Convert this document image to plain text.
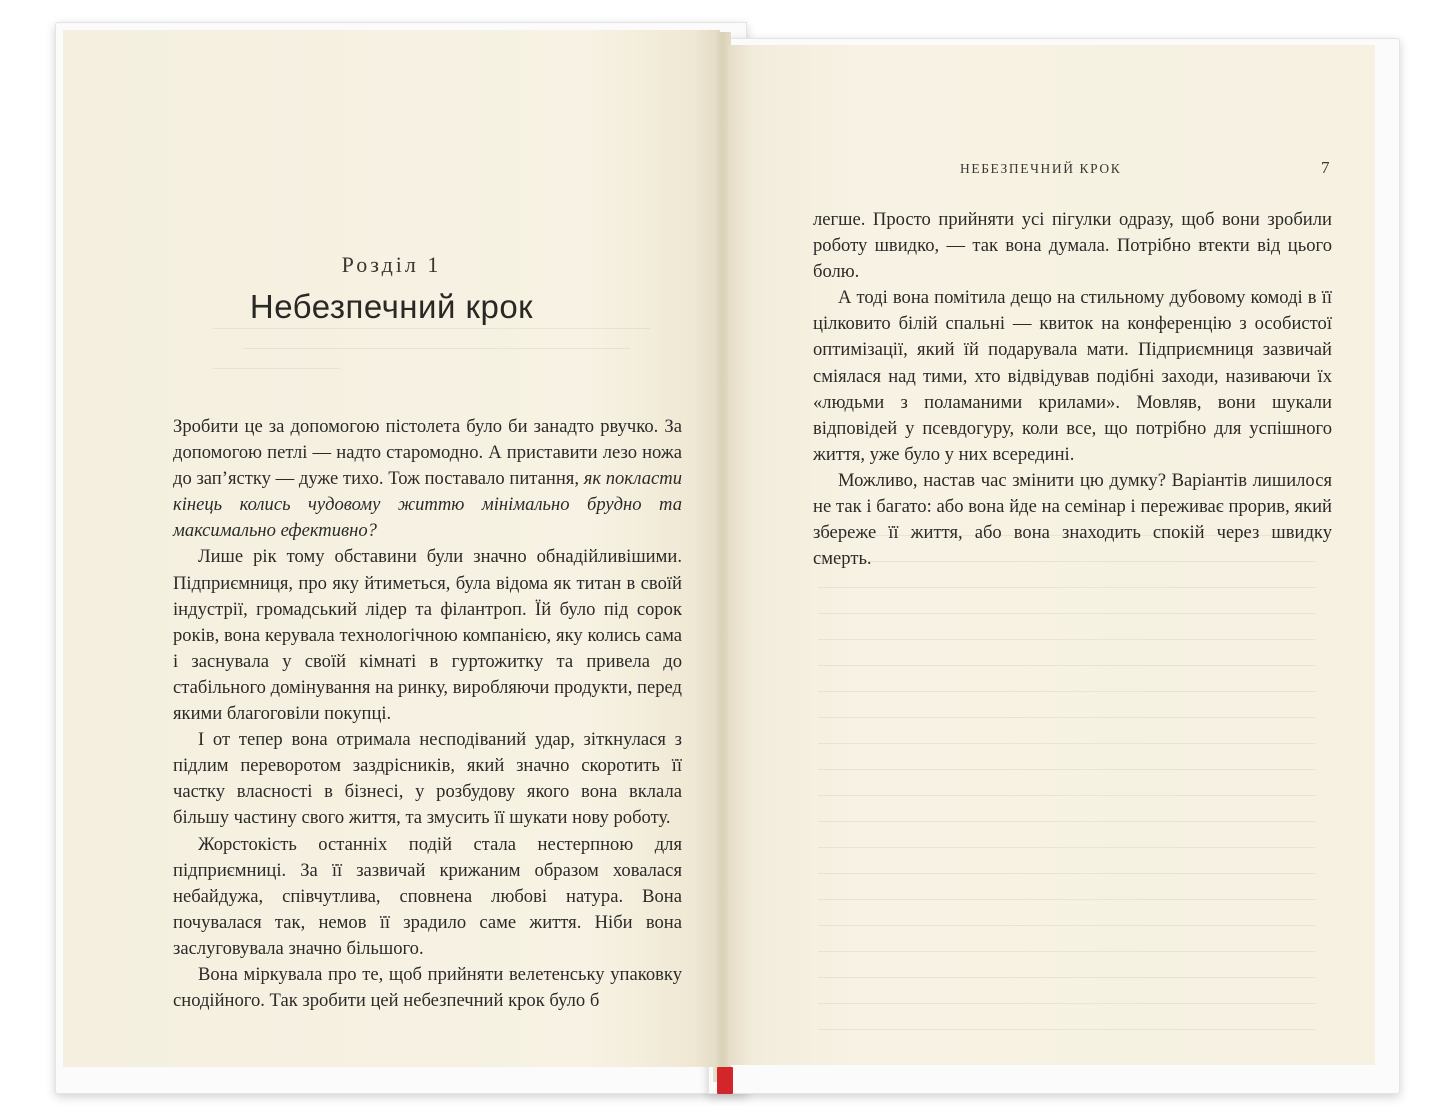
Розділ 1
Небезпечний крок

Зробити це за допомогою пістолета було би занадто рвучко. За допомогою петлі — надто старомодно. А приставити лезо ножа до зап’ястку — дуже тихо. Тож поставало питання, як покласти кінець колись чудовому життю мінімально брудно та максимально ефективно?

Лише рік тому обставини були значно обнадійливішими. Підприємниця, про яку йтиметься, була відома як титан в своїй індустрії, громадський лідер та філантроп. Їй було під сорок років, вона керувала технологічною компанією, яку колись сама і заснувала у своїй кімнаті в гуртожитку та привела до стабільного домінування на ринку, виробляючи продукти, перед якими благоговіли покупці.

І от тепер вона отримала несподіваний удар, зіткнулася з підлим переворотом заздрісників, який значно скоротить її частку власності в бізнесі, у розбудову якого вона вклала більшу частину свого життя, та змусить її шукати нову роботу.

Жорстокість останніх подій стала нестерпною для підприємниці. За її зазвичай крижаним образом ховалася небайдужа, співчутлива, сповнена любові натура. Вона почувалася так, немов її зрадило саме життя. Ніби вона заслуговувала значно більшого.

Вона міркувала про те, щоб прийняти велетенську упаковку снодійного. Так зробити цей небезпечний крок було б

НЕБЕЗПЕЧНИЙ КРОК	7

легше. Просто прийняти усі пігулки одразу, щоб вони зробили роботу швидко, — так вона думала. Потрібно втекти від цього болю.

А тоді вона помітила дещо на стильному дубовому комоді в її цілковито білій спальні — квиток на конференцію з особистої оптимізації, який їй подарувала мати. Підприємниця зазвичай сміялася над тими, хто відвідував подібні заходи, називаючи їх «людьми з поламаними крилами». Мовляв, вони шукали відповідей у псевдогуру, коли все, що потрібно для успішного життя, уже було у них всередині.

Можливо, настав час змінити цю думку? Варіантів лишилося не так і багато: або вона йде на семінар і переживає прорив, який збереже її життя, або вона знаходить спокій через швидку смерть.
